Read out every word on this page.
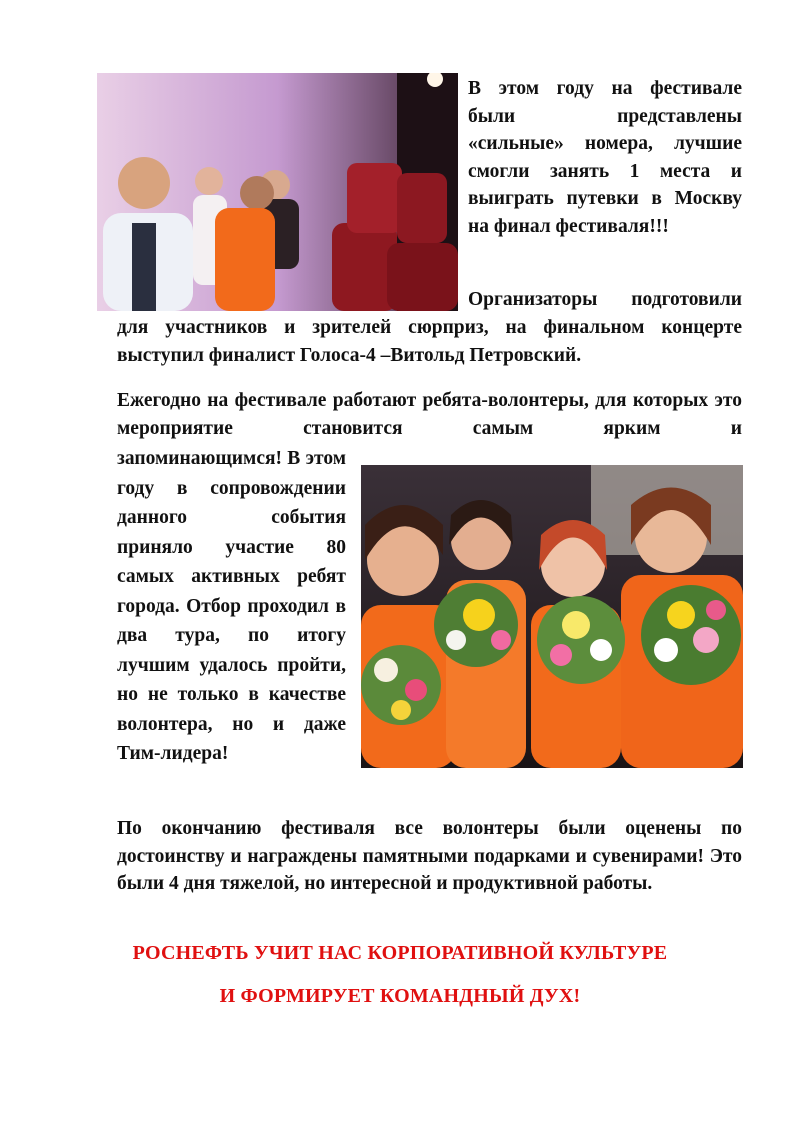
В этом году на фестивале были представлены «сильные» номера, лучшие смогли занять 1 места и выиграть путевки в Москву на финал фестиваля!!!

Организаторы подготовили

для участников и зрителей сюрприз, на финальном концерте выступил финалист Голоса-4 –Витольд Петровский.

Ежегодно на фестивале работают ребята-волонтеры, для которых это мероприятие становится самым ярким и

запоминающимся! В этом году в сопровождении данного события приняло участие 80 самых активных ребят города. Отбор проходил в два тура, по итогу лучшим удалось пройти, но не только в качестве волонтера, но и даже Тим-лидера!

По окончанию фестиваля все волонтеры были оценены по достоинству и награждены памятными подарками и сувенирами! Это были 4 дня тяжелой, но интересной и продуктивной работы.

РОСНЕФТЬ УЧИТ НАС КОРПОРАТИВНОЙ КУЛЬТУРЕ
И ФОРМИРУЕТ КОМАНДНЫЙ ДУХ!
